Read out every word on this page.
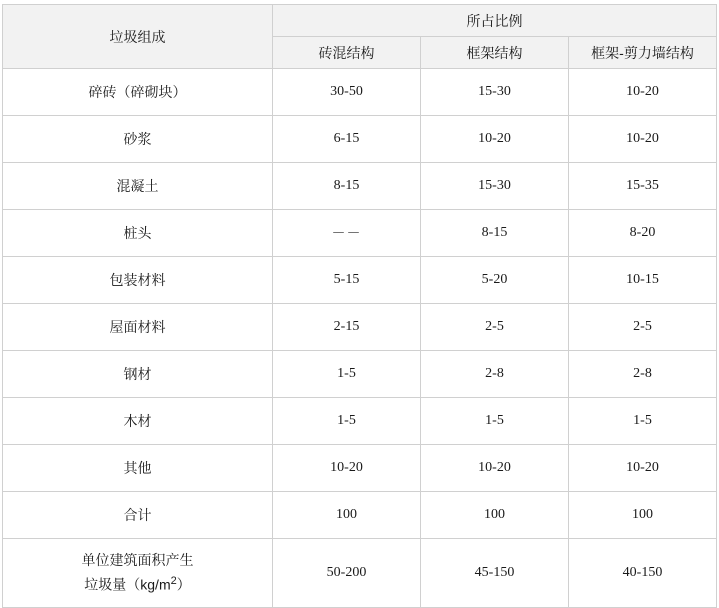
垃圾组成	所占比例		
	砖混结构	框架结构	框架-剪力墙结构
碎砖（碎砌块）	30-50	15-30	10-20
砂浆	6-15	10-20	10-20
混凝土	8-15	15-30	15-35
桩头	－－	8-15	8-20
包装材料	5-15	5-20	10-15
屋面材料	2-15	2-5	2-5
钢材	1-5	2-8	2-8
木材	1-5	1-5	1-5
其他	10-20	10-20	10-20
合计	100	100	100
单位建筑面积产生
垃圾量$(kg/m^2)$	50-200	45-150	40-150
